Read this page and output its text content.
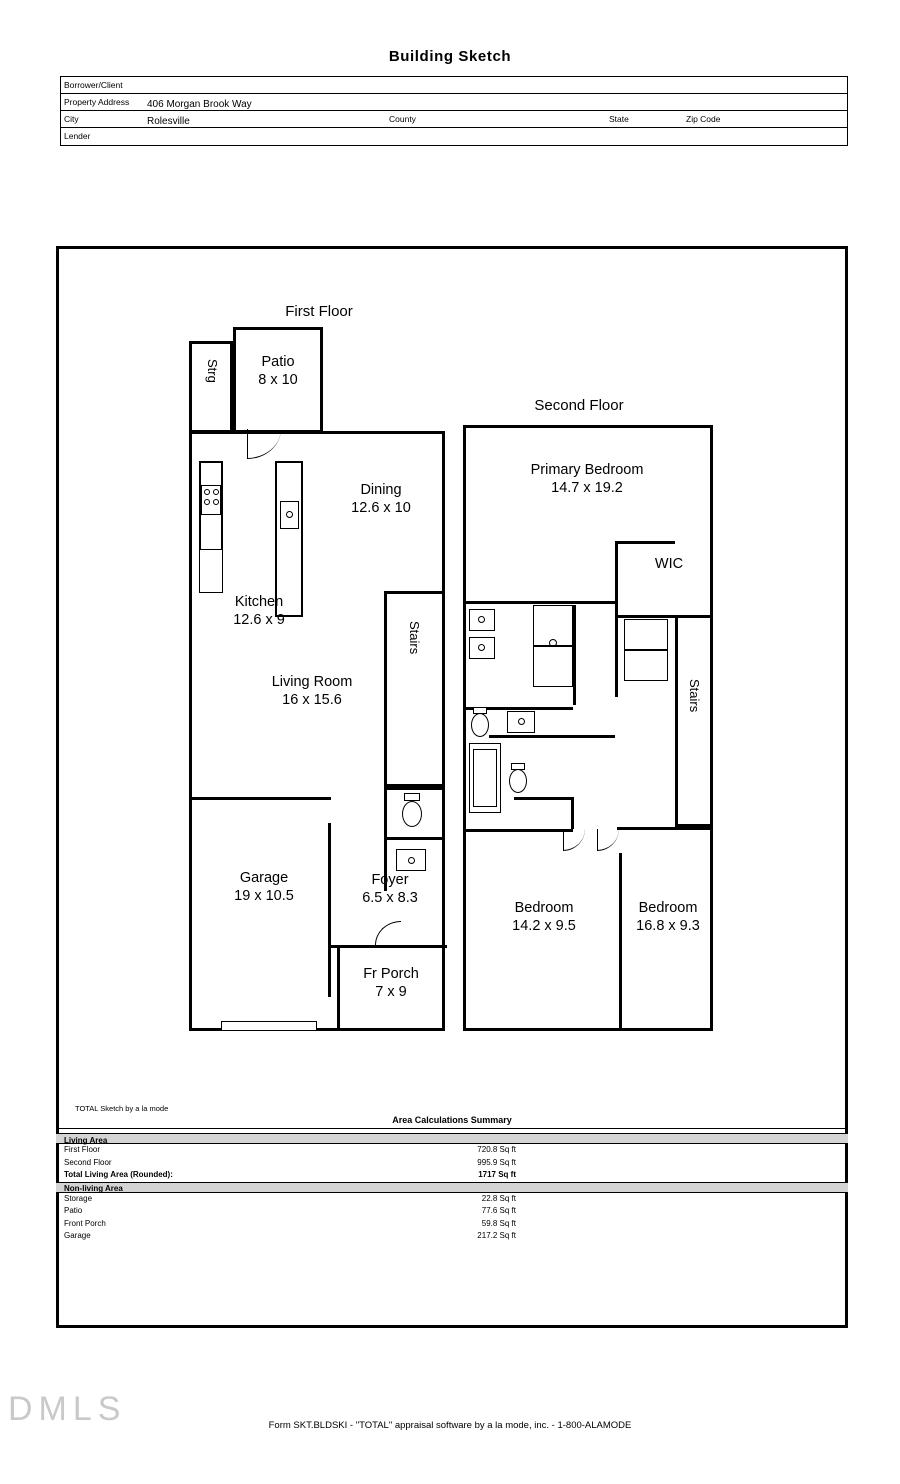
Building Sketch
Borrower/Client
Property Address 406 Morgan Brook Way
City	Rolesville	County	State	Zip Code
Lender
First Floor
Second Floor
Strg	Patio
8 x 10
Dining
12.6 x 10
Kitchen
12.6 x 9
Living Room
16 x 15.6
Stairs
Garage
19 x 10.5
Foyer
6.5 x 8.3
Fr Porch
7 x 9
Primary Bedroom
14.7 x 19.2
WIC
Stairs
Bedroom
14.2 x 9.5
Bedroom
16.8 x 9.3
TOTAL Sketch by a la mode
Area Calculations Summary
Living Area
First Floor	720.8 Sq ft
Second Floor	995.9 Sq ft
Total Living Area (Rounded):	1717 Sq ft
Non-living Area
Storage	22.8 Sq ft
Patio	77.6 Sq ft
Front Porch	59.8 Sq ft
Garage	217.2 Sq ft
DMLS	Form SKT.BLDSKI - "TOTAL" appraisal software by a la mode, inc. - 1-800-ALAMODE
